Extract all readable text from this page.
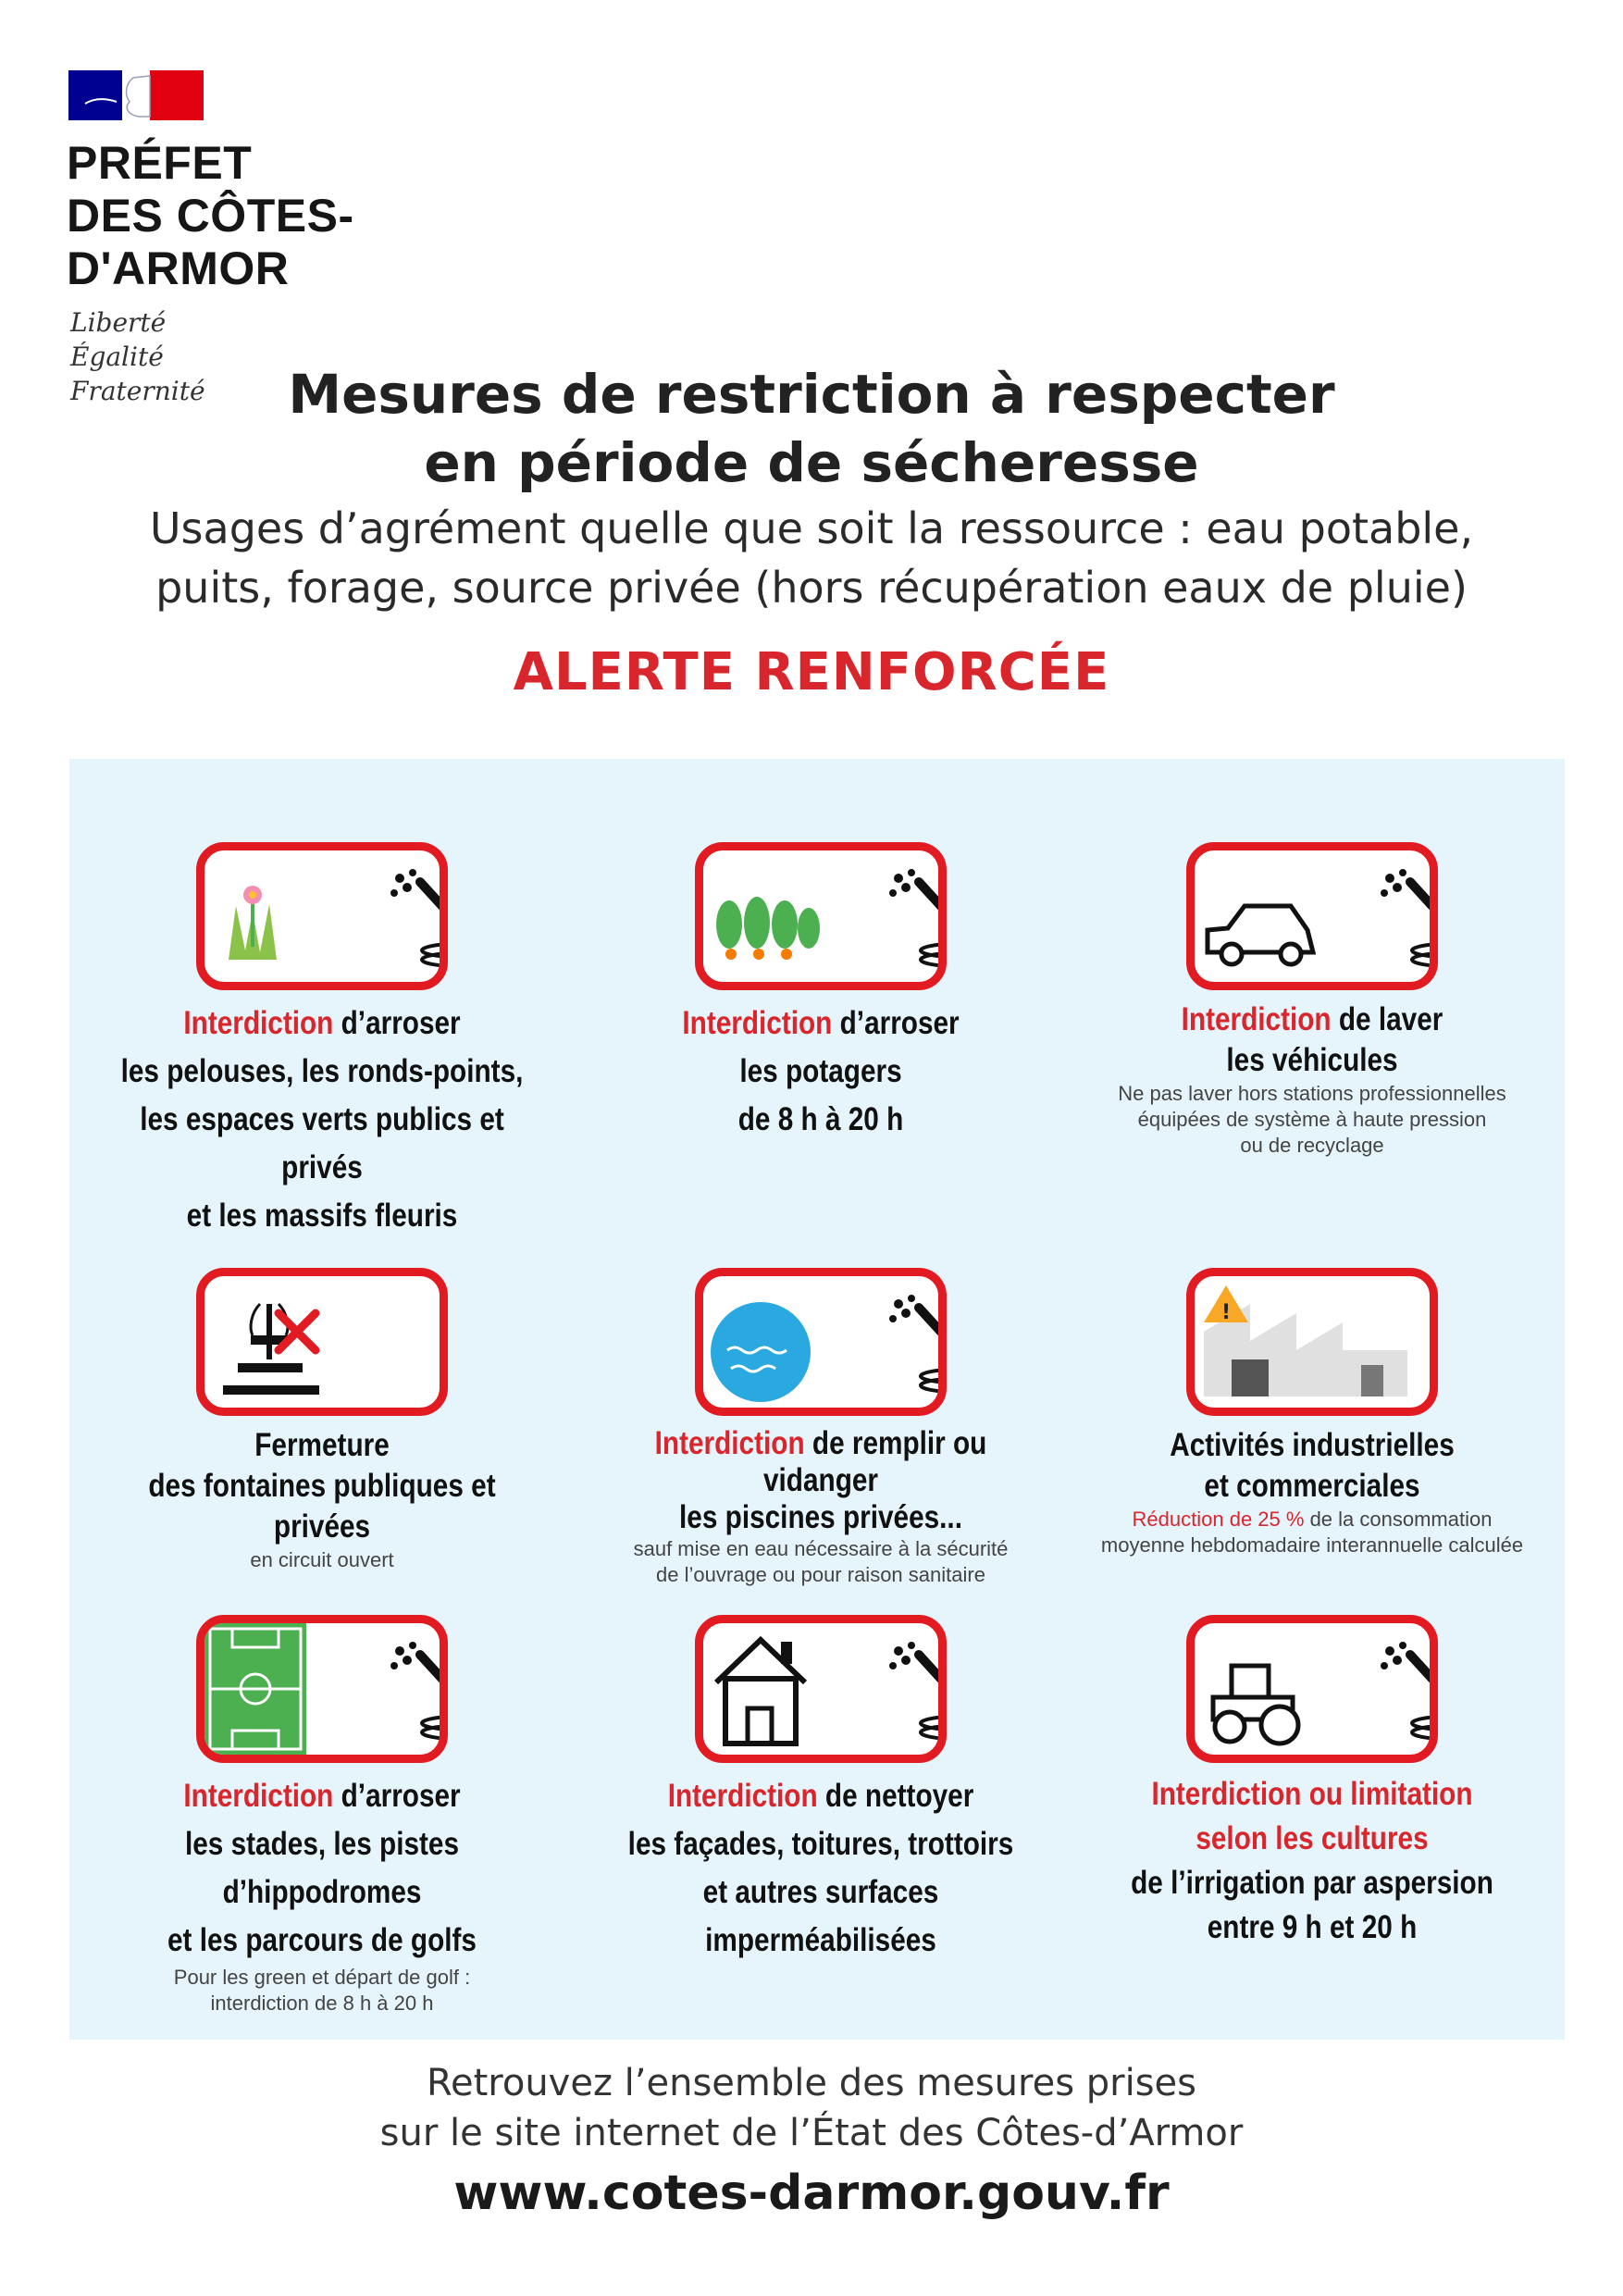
PRÉFET
DES CÔTES-
D'ARMOR
Liberté
Égalité
Fraternité	Mesures de restriction à respecter
en période de sécheresse
Usages d’agrément quelle que soit la ressource : eau potable,
puits, forage, source privée (hors récupération eaux de pluie)
ALERTE RENFORCÉE
Interdiction d’arroser
les pelouses, les ronds-points,
les espaces verts publics et privés
et les massifs fleuris
Interdiction d’arroser
les potagers
de 8 h à 20 h
Interdiction de laver
les véhicules
Ne pas laver hors stations professionnelles
équipées de système à haute pression
ou de recyclage
Fermeture
des fontaines publiques et privées
en circuit ouvert
Interdiction de remplir ou vidanger
les piscines privées...
sauf mise en eau nécessaire à la sécurité
de l’ouvrage ou pour raison sanitaire
!
Activités industrielles
et commerciales
Réduction de 25 % de la consommation
moyenne hebdomadaire interannuelle calculée
Interdiction d’arroser
les stades, les pistes d’hippodromes
et les parcours de golfs
Pour les green et départ de golf :
interdiction de 8 h à 20 h
Interdiction de nettoyer
les façades, toitures, trottoirs
et autres surfaces imperméabilisées
Interdiction ou limitation
selon les cultures
de l’irrigation par aspersion
entre 9 h et 20 h
Retrouvez l’ensemble des mesures prises
sur le site internet de l’État des Côtes-d’Armor
www.cotes-darmor.gouv.fr
